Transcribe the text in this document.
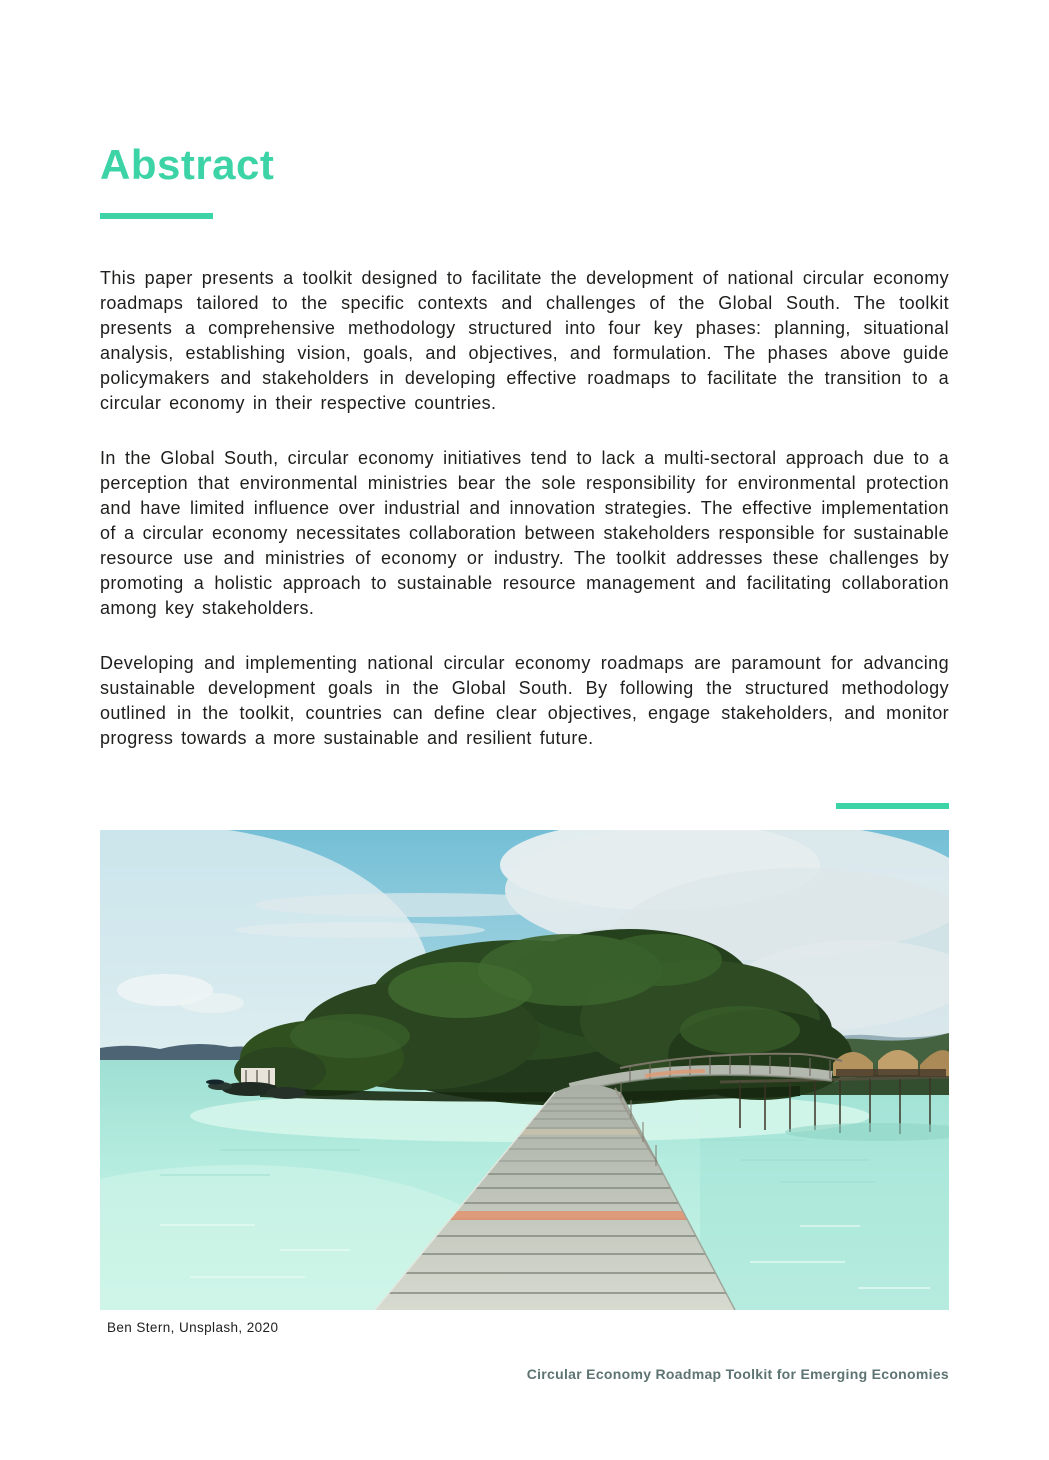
Abstract

This paper presents a toolkit designed to facilitate the development of national circular economy roadmaps tailored to the specific contexts and challenges of the Global South. The toolkit presents a comprehensive methodology structured into four key phases: planning, situational analysis, establishing vision, goals, and objectives, and formulation. The phases above guide policymakers and stakeholders in developing effective roadmaps to facilitate the transition to a circular economy in their respective countries.

In the Global South, circular economy initiatives tend to lack a multi-sectoral approach due to a perception that environmental ministries bear the sole responsibility for environmental protection and have limited influence over industrial and innovation strategies. The effective implementation of a circular economy necessitates collaboration between stakeholders responsible for sustainable resource use and ministries of economy or industry. The toolkit addresses these challenges by promoting a holistic approach to sustainable resource management and facilitating collaboration among key stakeholders.

Developing and implementing national circular economy roadmaps are paramount for advancing sustainable development goals in the Global South. By following the structured methodology outlined in the toolkit, countries can define clear objectives, engage stakeholders, and monitor progress towards a more sustainable and resilient future.

Ben Stern, Unsplash, 2020
Circular Economy Roadmap Toolkit for Emerging Economies
